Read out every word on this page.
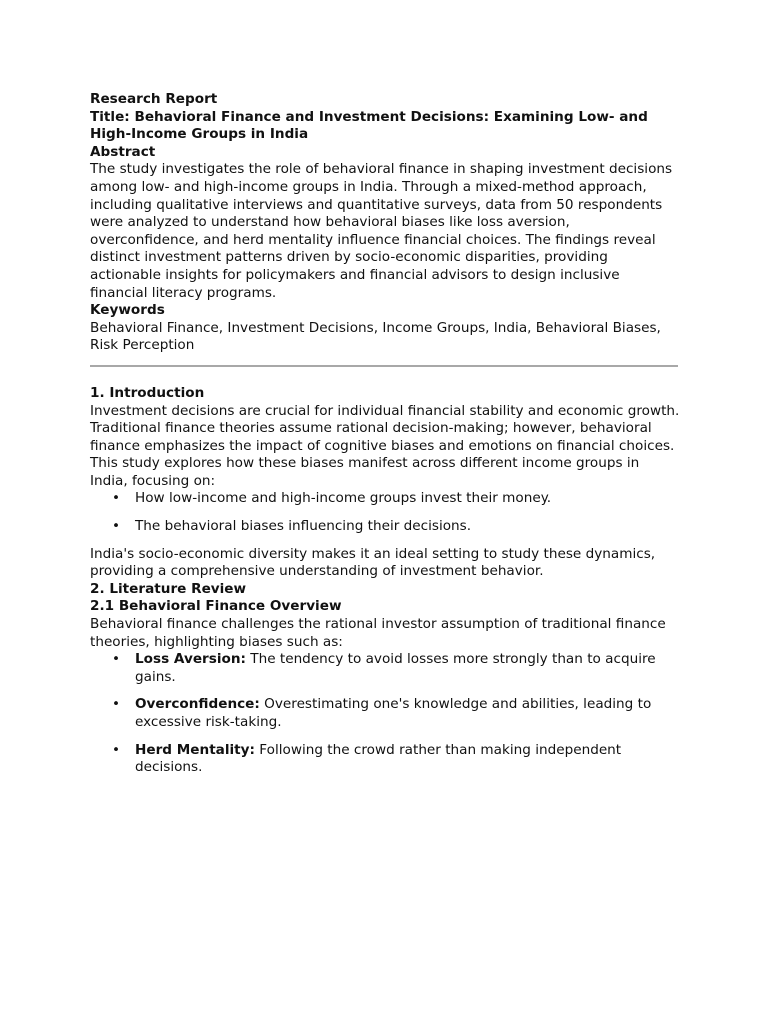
Research Report

Title: Behavioral Finance and Investment Decisions: Examining Low- and High-Income Groups in India

Abstract

The study investigates the role of behavioral finance in shaping investment decisions among low- and high-income groups in India. Through a mixed-method approach, including qualitative interviews and quantitative surveys, data from 50 respondents were analyzed to understand how behavioral biases like loss aversion, overconfidence, and herd mentality influence financial choices. The findings reveal distinct investment patterns driven by socio-economic disparities, providing actionable insights for policymakers and financial advisors to design inclusive financial literacy programs.

Keywords

Behavioral Finance, Investment Decisions, Income Groups, India, Behavioral Biases, Risk Perception

1. Introduction

Investment decisions are crucial for individual financial stability and economic growth. Traditional finance theories assume rational decision-making; however, behavioral finance emphasizes the impact of cognitive biases and emotions on financial choices. This study explores how these biases manifest across different income groups in India, focusing on:

• How low-income and high-income groups invest their money.
• The behavioral biases influencing their decisions.

India's socio-economic diversity makes it an ideal setting to study these dynamics, providing a comprehensive understanding of investment behavior.

2. Literature Review

2.1 Behavioral Finance Overview

Behavioral finance challenges the rational investor assumption of traditional finance theories, highlighting biases such as:

• Loss Aversion: The tendency to avoid losses more strongly than to acquire gains.
• Overconfidence: Overestimating one's knowledge and abilities, leading to excessive risk-taking.
• Herd Mentality: Following the crowd rather than making independent decisions.
